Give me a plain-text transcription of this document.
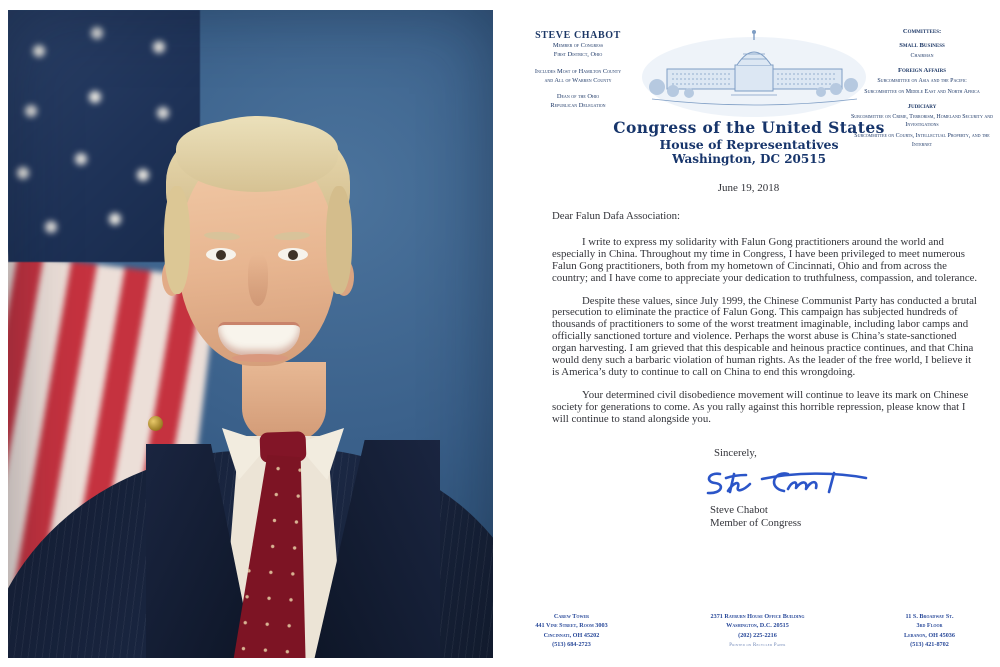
STEVE CHABOT
Member of Congress
First District, Ohio
Includes Most of Hamilton County
and All of Warren County
Dean of the Ohio
Republican Delegation
Congress of the United States
House of Representatives
Washington, DC 20515
Committees:
Small Business
Chairman
Foreign Affairs
Subcommittee on Asia and the Pacific
Subcommittee on Middle East and North Africa
Judiciary
Subcommittee on Crime, Terrorism, Homeland Security and Investigations
Subcommittee on Courts, Intellectual Property, and the Internet
June 19, 2018

Dear Falun Dafa Association:

I write to express my solidarity with Falun Gong practitioners around the world and especially in China. Throughout my time in Congress, I have been privileged to meet numerous Falun Gong practitioners, both from my hometown of Cincinnati, Ohio and from across the country; and I have come to appreciate your dedication to truthfulness, compassion, and tolerance.

Despite these values, since July 1999, the Chinese Communist Party has conducted a brutal persecution to eliminate the practice of Falun Gong. This campaign has subjected hundreds of thousands of practitioners to some of the worst treatment imaginable, including labor camps and officially sanctioned torture and violence. Perhaps the worst abuse is China’s state-sanctioned organ harvesting. I am grieved that this despicable and heinous practice continues, and that China would deny such a barbaric violation of human rights. As the leader of the free world, I believe it is America’s duty to continue to call on China to end this wrongdoing.

Your determined civil disobedience movement will continue to leave its mark on Chinese society for generations to come. As you rally against this horrible repression, please know that I will continue to stand alongside you.

Sincerely,
Steve Chabot
Member of Congress
Carew Tower
441 Vine Street, Room 3003
Cincinnati, OH 45202
(513) 684-2723
2371 Rayburn House Office Building
Washington, D.C. 20515
(202) 225-2216
Printed on Recycled Paper
11 S. Broadway St.
3rd Floor
Lebanon, OH 45036
(513) 421-8702
